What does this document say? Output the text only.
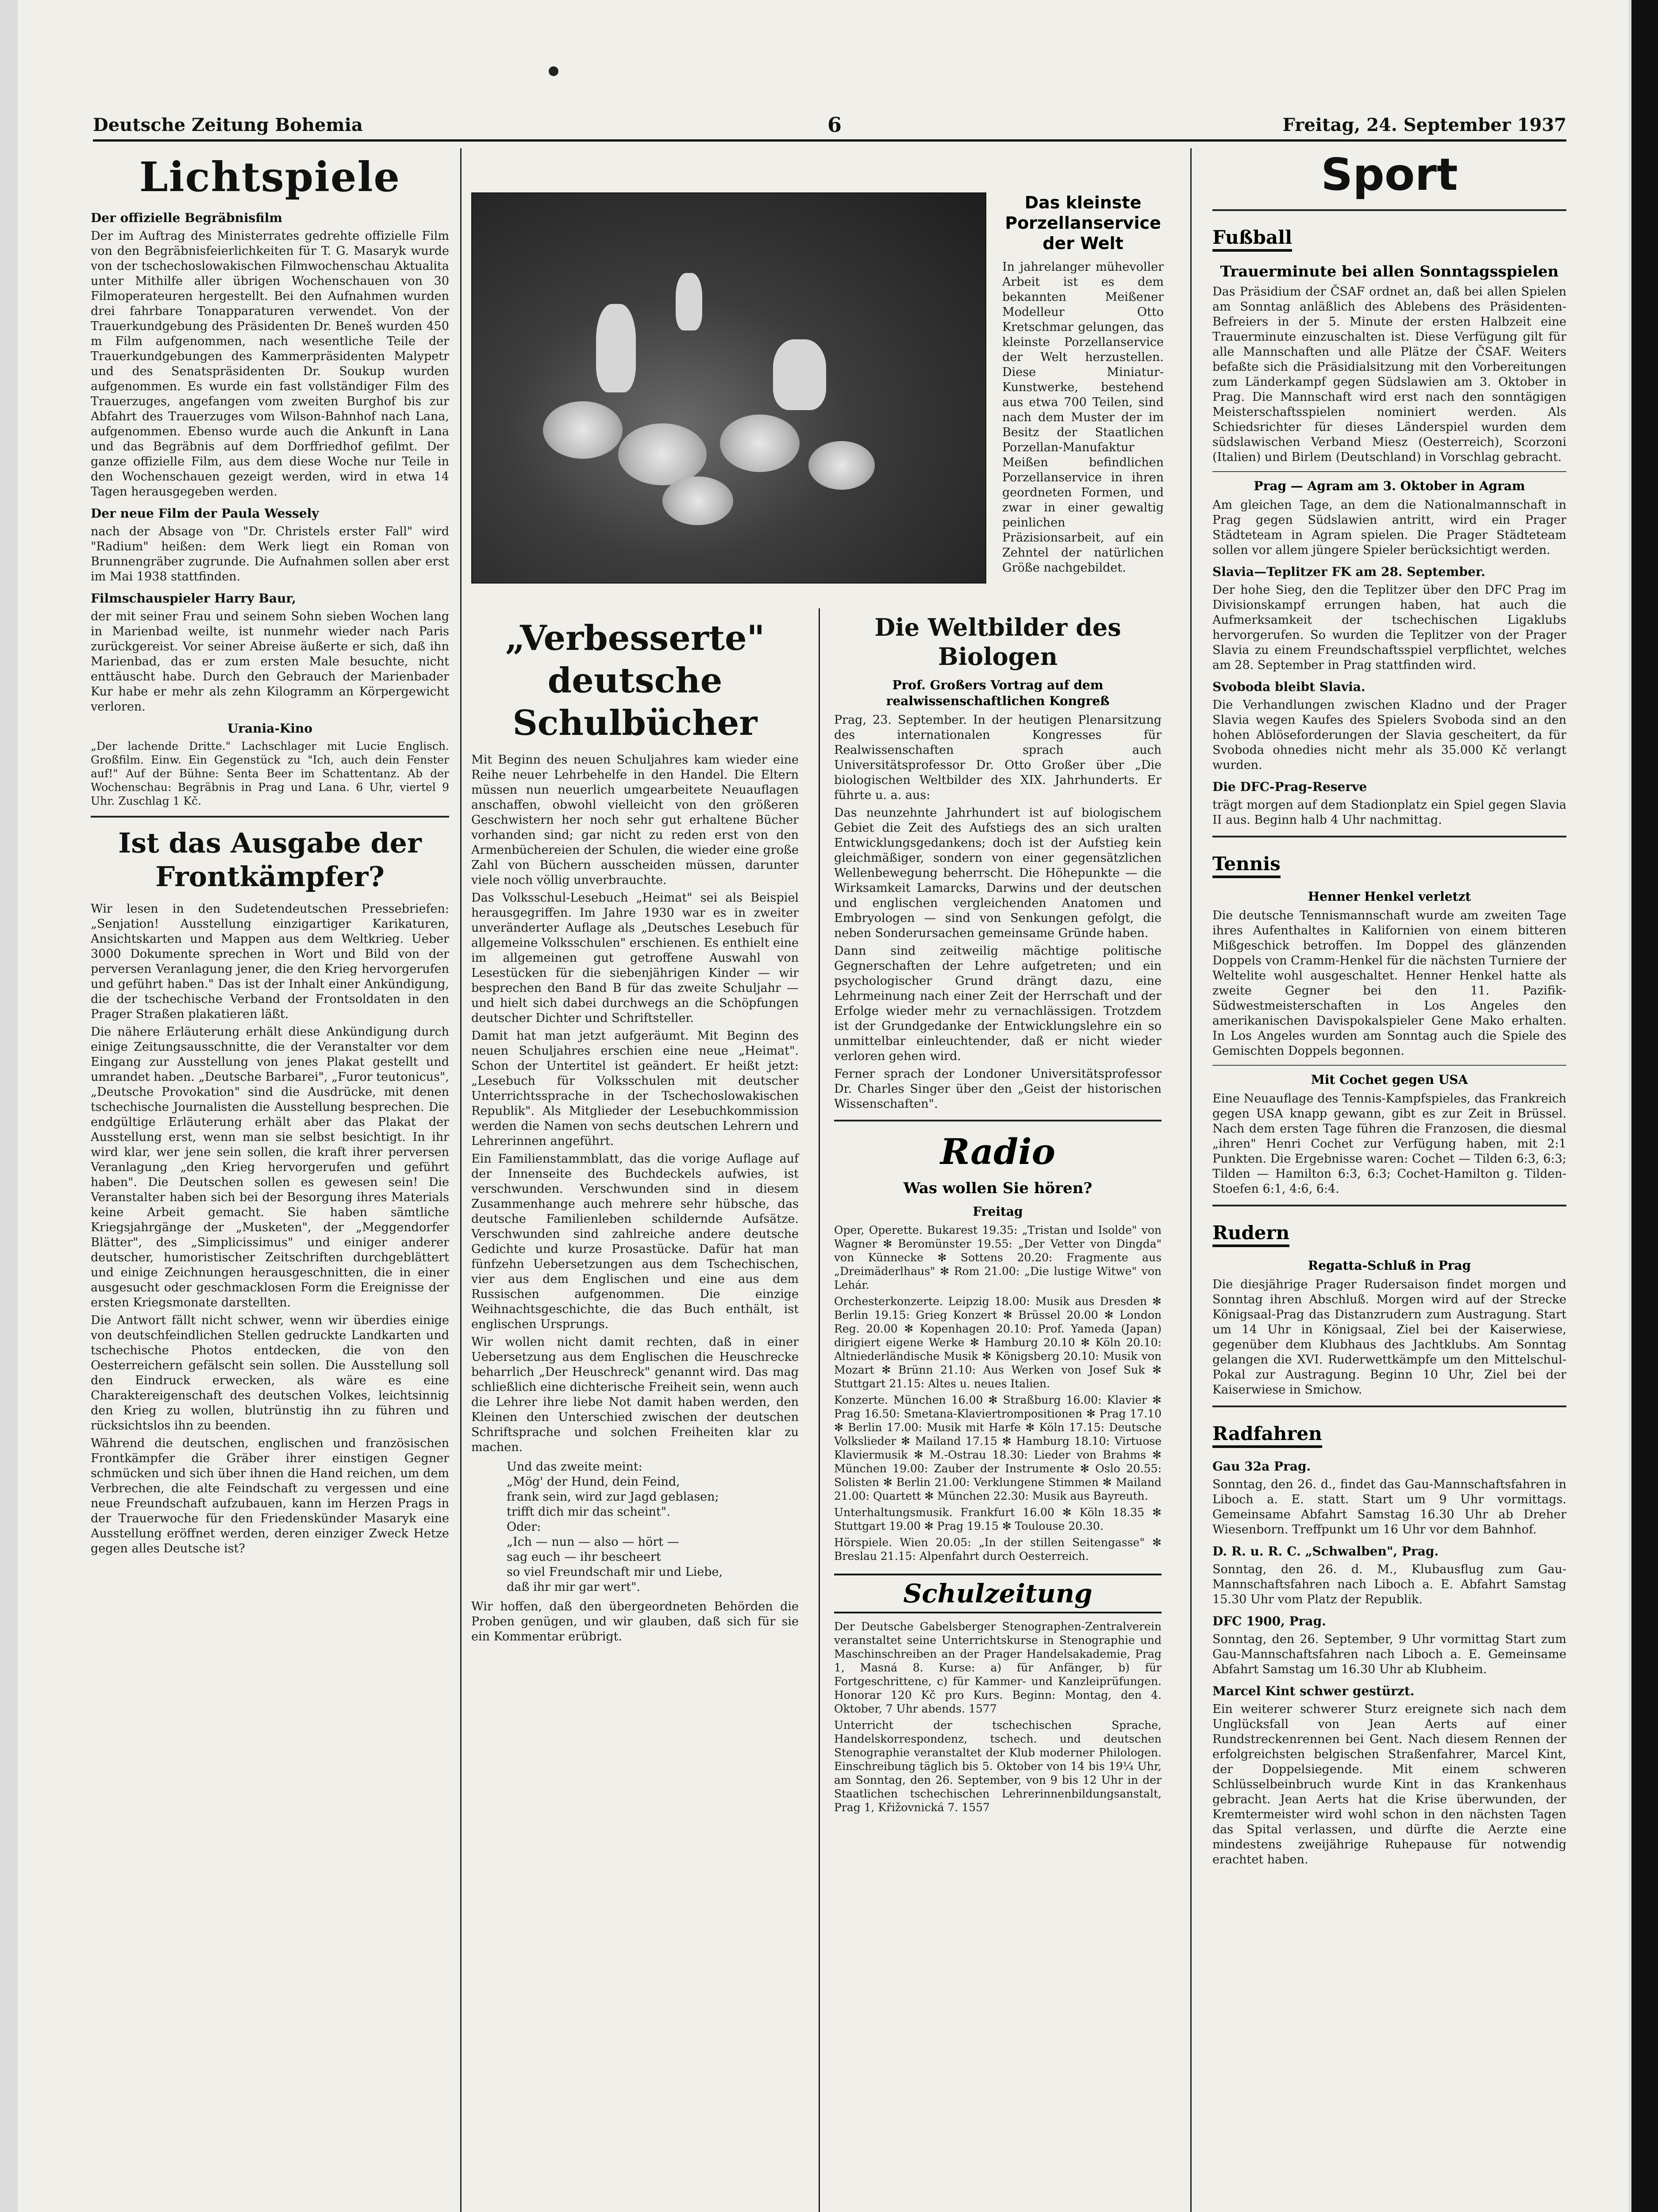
Deutsche Zeitung Bohemia	6	Freitag, 24. September 1937
Lichtspiele
Der offizielle Begräbnisfilm

Der im Auftrag des Ministerrates gedrehte offizielle Film von den Begräbnisfeierlichkeiten für T. G. Masaryk wurde von der tschechoslowakischen Filmwochenschau Aktualita unter Mithilfe aller übrigen Wochenschauen von 30 Filmoperateuren hergestellt. Bei den Aufnahmen wurden drei fahrbare Tonapparaturen verwendet. Von der Trauerkundgebung des Präsidenten Dr. Beneš wurden 450 m Film aufgenommen, nach wesentliche Teile der Trauerkundgebungen des Kammerpräsidenten Malypetr und des Senatspräsidenten Dr. Soukup wurden aufgenommen. Es wurde ein fast vollständiger Film des Trauerzuges, angefangen vom zweiten Burghof bis zur Abfahrt des Trauerzuges vom Wilson-Bahnhof nach Lana, aufgenommen. Ebenso wurde auch die Ankunft in Lana und das Begräbnis auf dem Dorffriedhof gefilmt. Der ganze offizielle Film, aus dem diese Woche nur Teile in den Wochenschauen gezeigt werden, wird in etwa 14 Tagen herausgegeben werden.

Der neue Film der Paula Wessely

nach der Absage von "Dr. Christels erster Fall" wird "Radium" heißen: dem Werk liegt ein Roman von Brunnengräber zugrunde. Die Aufnahmen sollen aber erst im Mai 1938 stattfinden.

Filmschauspieler Harry Baur,

der mit seiner Frau und seinem Sohn sieben Wochen lang in Marienbad weilte, ist nunmehr wieder nach Paris zurückgereist. Vor seiner Abreise äußerte er sich, daß ihn Marienbad, das er zum ersten Male besuchte, nicht enttäuscht habe. Durch den Gebrauch der Marienbader Kur habe er mehr als zehn Kilogramm an Körpergewicht verloren.

Urania-Kino

„Der lachende Dritte." Lachschlager mit Lucie Englisch. Großfilm. Einw. Ein Gegenstück zu "Ich, auch dein Fenster auf!" Auf der Bühne: Senta Beer im Schattentanz. Ab der Wochenschau: Begräbnis in Prag und Lana. 6 Uhr, viertel 9 Uhr. Zuschlag 1 Kč.

Ist das Ausgabe der Frontkämpfer?

Wir lesen in den Sudetendeutschen Pressebriefen: „Senjation! Ausstellung einzigartiger Karikaturen, Ansichtskarten und Mappen aus dem Weltkrieg. Ueber 3000 Dokumente sprechen in Wort und Bild von der perversen Veranlagung jener, die den Krieg hervorgerufen und geführt haben." Das ist der Inhalt einer Ankündigung, die der tschechische Verband der Frontsoldaten in den Prager Straßen plakatieren läßt.

Die nähere Erläuterung erhält diese Ankündigung durch einige Zeitungsausschnitte, die der Veranstalter vor dem Eingang zur Ausstellung von jenes Plakat gestellt und umrandet haben. „Deutsche Barbarei", „Furor teutonicus", „Deutsche Provokation" sind die Ausdrücke, mit denen tschechische Journalisten die Ausstellung besprechen. Die endgültige Erläuterung erhält aber das Plakat der Ausstellung erst, wenn man sie selbst besichtigt. In ihr wird klar, wer jene sein sollen, die kraft ihrer perversen Veranlagung „den Krieg hervorgerufen und geführt haben". Die Deutschen sollen es gewesen sein! Die Veranstalter haben sich bei der Besorgung ihres Materials keine Arbeit gemacht. Sie haben sämtliche Kriegsjahrgänge der „Musketen", der „Meggendorfer Blätter", des „Simplicissimus" und einiger anderer deutscher, humoristischer Zeitschriften durchgeblättert und einige Zeichnungen herausgeschnitten, die in einer ausgesucht oder geschmacklosen Form die Ereignisse der ersten Kriegsmonate darstellten.

Die Antwort fällt nicht schwer, wenn wir überdies einige von deutschfeindlichen Stellen gedruckte Landkarten und tschechische Photos entdecken, die von den Oesterreichern gefälscht sein sollen. Die Ausstellung soll den Eindruck erwecken, als wäre es eine Charaktereigenschaft des deutschen Volkes, leichtsinnig den Krieg zu wollen, blutrünstig ihn zu führen und rücksichtslos ihn zu beenden.

Während die deutschen, englischen und französischen Frontkämpfer die Gräber ihrer einstigen Gegner schmücken und sich über ihnen die Hand reichen, um dem Verbrechen, die alte Feindschaft zu vergessen und eine neue Freundschaft aufzubauen, kann im Herzen Prags in der Trauerwoche für den Friedenskünder Masaryk eine Ausstellung eröffnet werden, deren einziger Zweck Hetze gegen alles Deutsche ist?

Das kleinste Porzellanservice der Welt

In jahrelanger mühevoller Arbeit ist es dem bekannten Meißener Modelleur Otto Kretschmar gelungen, das kleinste Porzellanservice der Welt herzustellen. Diese Miniatur-Kunstwerke, bestehend aus etwa 700 Teilen, sind nach dem Muster der im Besitz der Staatlichen Porzellan-Manufaktur Meißen befindlichen Porzellanservice in ihren geordneten Formen, und zwar in einer gewaltig peinlichen Präzisionsarbeit, auf ein Zehntel der natürlichen Größe nachgebildet.

„Verbesserte" deutsche Schulbücher

Mit Beginn des neuen Schuljahres kam wieder eine Reihe neuer Lehrbehelfe in den Handel. Die Eltern müssen nun neuerlich umgearbeitete Neuauflagen anschaffen, obwohl vielleicht von den größeren Geschwistern her noch sehr gut erhaltene Bücher vorhanden sind; gar nicht zu reden erst von den Armenbüchereien der Schulen, die wieder eine große Zahl von Büchern ausscheiden müssen, darunter viele noch völlig unverbrauchte.

Das Volksschul-Lesebuch „Heimat" sei als Beispiel herausgegriffen. Im Jahre 1930 war es in zweiter unveränderter Auflage als „Deutsches Lesebuch für allgemeine Volksschulen" erschienen. Es enthielt eine im allgemeinen gut getroffene Auswahl von Lesestücken für die siebenjährigen Kinder — wir besprechen den Band B für das zweite Schuljahr — und hielt sich dabei durchwegs an die Schöpfungen deutscher Dichter und Schriftsteller.

Damit hat man jetzt aufgeräumt. Mit Beginn des neuen Schuljahres erschien eine neue „Heimat". Schon der Untertitel ist geändert. Er heißt jetzt: „Lesebuch für Volksschulen mit deutscher Unterrichtssprache in der Tschechoslowakischen Republik". Als Mitglieder der Lesebuchkommission werden die Namen von sechs deutschen Lehrern und Lehrerinnen angeführt.

Ein Familienstammblatt, das die vorige Auflage auf der Innenseite des Buchdeckels aufwies, ist verschwunden. Verschwunden sind in diesem Zusammenhange auch mehrere sehr hübsche, das deutsche Familienleben schildernde Aufsätze. Verschwunden sind zahlreiche andere deutsche Gedichte und kurze Prosastücke. Dafür hat man fünfzehn Uebersetzungen aus dem Tschechischen, vier aus dem Englischen und eine aus dem Russischen aufgenommen. Die einzige Weihnachtsgeschichte, die das Buch enthält, ist englischen Ursprungs.

Wir wollen nicht damit rechten, daß in einer Uebersetzung aus dem Englischen die Heuschrecke beharrlich „Der Heuschreck" genannt wird. Das mag schließlich eine dichterische Freiheit sein, wenn auch die Lehrer ihre liebe Not damit haben werden, den Kleinen den Unterschied zwischen der deutschen Schriftsprache und solchen Freiheiten klar zu machen.

Und das zweite meint:

„Mög' der Hund, dein Feind,

frank sein, wird zur Jagd geblasen;

trifft dich mir das scheint".

Oder:

„Ich — nun — also — hört —

sag euch — ihr bescheert

so viel Freundschaft mir und Liebe,

daß ihr mir gar wert".

Wir hoffen, daß den übergeordneten Behörden die Proben genügen, und wir glauben, daß sich für sie ein Kommentar erübrigt.

Die Weltbilder des Biologen
Prof. Großers Vortrag auf dem realwissenschaftlichen Kongreß

Prag, 23. September. In der heutigen Plenarsitzung des internationalen Kongresses für Realwissenschaften sprach auch Universitätsprofessor Dr. Otto Großer über „Die biologischen Weltbilder des XIX. Jahrhunderts. Er führte u. a. aus:

Das neunzehnte Jahrhundert ist auf biologischem Gebiet die Zeit des Aufstiegs des an sich uralten Entwicklungsgedankens; doch ist der Aufstieg kein gleichmäßiger, sondern von einer gegensätzlichen Wellenbewegung beherrscht. Die Höhepunkte — die Wirksamkeit Lamarcks, Darwins und der deutschen und englischen vergleichenden Anatomen und Embryologen — sind von Senkungen gefolgt, die neben Sonderursachen gemeinsame Gründe haben.

Dann sind zeitweilig mächtige politische Gegnerschaften der Lehre aufgetreten; und ein psychologischer Grund drängt dazu, eine Lehrmeinung nach einer Zeit der Herrschaft und der Erfolge wieder mehr zu vernachlässigen. Trotzdem ist der Grundgedanke der Entwicklungslehre ein so unmittelbar einleuchtender, daß er nicht wieder verloren gehen wird.

Ferner sprach der Londoner Universitätsprofessor Dr. Charles Singer über den „Geist der historischen Wissenschaften".

Radio
Was wollen Sie hören?
Freitag

Oper, Operette. Bukarest 19.35: „Tristan und Isolde" von Wagner ✻ Beromünster 19.55: „Der Vetter von Dingda" von Künnecke ✻ Sottens 20.20: Fragmente aus „Dreimäderlhaus" ✻ Rom 21.00: „Die lustige Witwe" von Lehár.

Orchesterkonzerte. Leipzig 18.00: Musik aus Dresden ✻ Berlin 19.15: Grieg Konzert ✻ Brüssel 20.00 ✻ London Reg. 20.00 ✻ Kopenhagen 20.10: Prof. Yameda (Japan) dirigiert eigene Werke ✻ Hamburg 20.10 ✻ Köln 20.10: Altniederländische Musik ✻ Königsberg 20.10: Musik von Mozart ✻ Brünn 21.10: Aus Werken von Josef Suk ✻ Stuttgart 21.15: Altes u. neues Italien.

Konzerte. München 16.00 ✻ Straßburg 16.00: Klavier ✻ Prag 16.50: Smetana-Klaviertrompositionen ✻ Prag 17.10 ✻ Berlin 17.00: Musik mit Harfe ✻ Köln 17.15: Deutsche Volkslieder ✻ Mailand 17.15 ✻ Hamburg 18.10: Virtuose Klaviermusik ✻ M.-Ostrau 18.30: Lieder von Brahms ✻ München 19.00: Zauber der Instrumente ✻ Oslo 20.55: Solisten ✻ Berlin 21.00: Verklungene Stimmen ✻ Mailand 21.00: Quartett ✻ München 22.30: Musik aus Bayreuth.

Unterhaltungsmusik. Frankfurt 16.00 ✻ Köln 18.35 ✻ Stuttgart 19.00 ✻ Prag 19.15 ✻ Toulouse 20.30.

Hörspiele. Wien 20.05: „In der stillen Seitengasse" ✻ Breslau 21.15: Alpenfahrt durch Oesterreich.

Schulzeitung

Der Deutsche Gabelsberger Stenographen-Zentralverein veranstaltet seine Unterrichtskurse in Stenographie und Maschinschreiben an der Prager Handelsakademie, Prag 1, Masná 8. Kurse: a) für Anfänger, b) für Fortgeschrittene, c) für Kammer- und Kanzleiprüfungen. Honorar 120 Kč pro Kurs. Beginn: Montag, den 4. Oktober, 7 Uhr abends. 1577

Unterricht der tschechischen Sprache, Handelskorrespondenz, tschech. und deutschen Stenographie veranstaltet der Klub moderner Philologen. Einschreibung täglich bis 5. Oktober von 14 bis 19¼ Uhr, am Sonntag, den 26. September, von 9 bis 12 Uhr in der Staatlichen tschechischen Lehrerinnenbildungsanstalt, Prag 1, Křižovnická 7. 1557

Sport
Fußball
Trauerminute bei allen Sonntagsspielen

Das Präsidium der ČSAF ordnet an, daß bei allen Spielen am Sonntag anläßlich des Ablebens des Präsidenten-Befreiers in der 5. Minute der ersten Halbzeit eine Trauerminute einzuschalten ist. Diese Verfügung gilt für alle Mannschaften und alle Plätze der ČSAF. Weiters befaßte sich die Präsidialsitzung mit den Vorbereitungen zum Länderkampf gegen Südslawien am 3. Oktober in Prag. Die Mannschaft wird erst nach den sonntägigen Meisterschaftsspielen nominiert werden. Als Schiedsrichter für dieses Länderspiel wurden dem südslawischen Verband Miesz (Oesterreich), Scorzoni (Italien) und Birlem (Deutschland) in Vorschlag gebracht.

Prag — Agram am 3. Oktober in Agram

Am gleichen Tage, an dem die Nationalmannschaft in Prag gegen Südslawien antritt, wird ein Prager Städteteam in Agram spielen. Die Prager Städteteam sollen vor allem jüngere Spieler berücksichtigt werden.

Slavia—Teplitzer FK am 28. September.

Der hohe Sieg, den die Teplitzer über den DFC Prag im Divisionskampf errungen haben, hat auch die Aufmerksamkeit der tschechischen Ligaklubs hervorgerufen. So wurden die Teplitzer von der Prager Slavia zu einem Freundschaftsspiel verpflichtet, welches am 28. September in Prag stattfinden wird.

Svoboda bleibt Slavia.

Die Verhandlungen zwischen Kladno und der Prager Slavia wegen Kaufes des Spielers Svoboda sind an den hohen Ablöseforderungen der Slavia gescheitert, da für Svoboda ohnedies nicht mehr als 35.000 Kč verlangt wurden.

Die DFC-Prag-Reserve

trägt morgen auf dem Stadionplatz ein Spiel gegen Slavia II aus. Beginn halb 4 Uhr nachmittag.

Tennis
Henner Henkel verletzt

Die deutsche Tennismannschaft wurde am zweiten Tage ihres Aufenthaltes in Kalifornien von einem bitteren Mißgeschick betroffen. Im Doppel des glänzenden Doppels von Cramm-Henkel für die nächsten Turniere der Weltelite wohl ausgeschaltet. Henner Henkel hatte als zweite Gegner bei den 11. Pazifik-Südwestmeisterschaften in Los Angeles den amerikanischen Davispokalspieler Gene Mako erhalten. In Los Angeles wurden am Sonntag auch die Spiele des Gemischten Doppels begonnen.

Mit Cochet gegen USA

Eine Neuauflage des Tennis-Kampfspieles, das Frankreich gegen USA knapp gewann, gibt es zur Zeit in Brüssel. Nach dem ersten Tage führen die Franzosen, die diesmal „ihren" Henri Cochet zur Verfügung haben, mit 2:1 Punkten. Die Ergebnisse waren: Cochet — Tilden 6:3, 6:3; Tilden — Hamilton 6:3, 6:3; Cochet-Hamilton g. Tilden-Stoefen 6:1, 4:6, 6:4.

Rudern
Regatta-Schluß in Prag

Die diesjährige Prager Rudersaison findet morgen und Sonntag ihren Abschluß. Morgen wird auf der Strecke Königsaal-Prag das Distanzrudern zum Austragung. Start um 14 Uhr in Königsaal, Ziel bei der Kaiserwiese, gegenüber dem Klubhaus des Jachtklubs. Am Sonntag gelangen die XVI. Ruderwettkämpfe um den Mittelschul-Pokal zur Austragung. Beginn 10 Uhr, Ziel bei der Kaiserwiese in Smichow.

Radfahren
Gau 32a Prag.

Sonntag, den 26. d., findet das Gau-Mannschaftsfahren in Liboch a. E. statt. Start um 9 Uhr vormittags. Gemeinsame Abfahrt Samstag 16.30 Uhr ab Dreher Wiesenborn. Treffpunkt um 16 Uhr vor dem Bahnhof.

D. R. u. R. C. „Schwalben", Prag.

Sonntag, den 26. d. M., Klubausflug zum Gau-Mannschaftsfahren nach Liboch a. E. Abfahrt Samstag 15.30 Uhr vom Platz der Republik.

DFC 1900, Prag.

Sonntag, den 26. September, 9 Uhr vormittag Start zum Gau-Mannschaftsfahren nach Liboch a. E. Gemeinsame Abfahrt Samstag um 16.30 Uhr ab Klubheim.

Marcel Kint schwer gestürzt.

Ein weiterer schwerer Sturz ereignete sich nach dem Unglücksfall von Jean Aerts auf einer Rundstreckenrennen bei Gent. Nach diesem Rennen der erfolgreichsten belgischen Straßenfahrer, Marcel Kint, der Doppelsiegende. Mit einem schweren Schlüsselbeinbruch wurde Kint in das Krankenhaus gebracht. Jean Aerts hat die Krise überwunden, der Kremtermeister wird wohl schon in den nächsten Tagen das Spital verlassen, und dürfte die Aerzte eine mindestens zweijährige Ruhepause für notwendig erachtet haben.
